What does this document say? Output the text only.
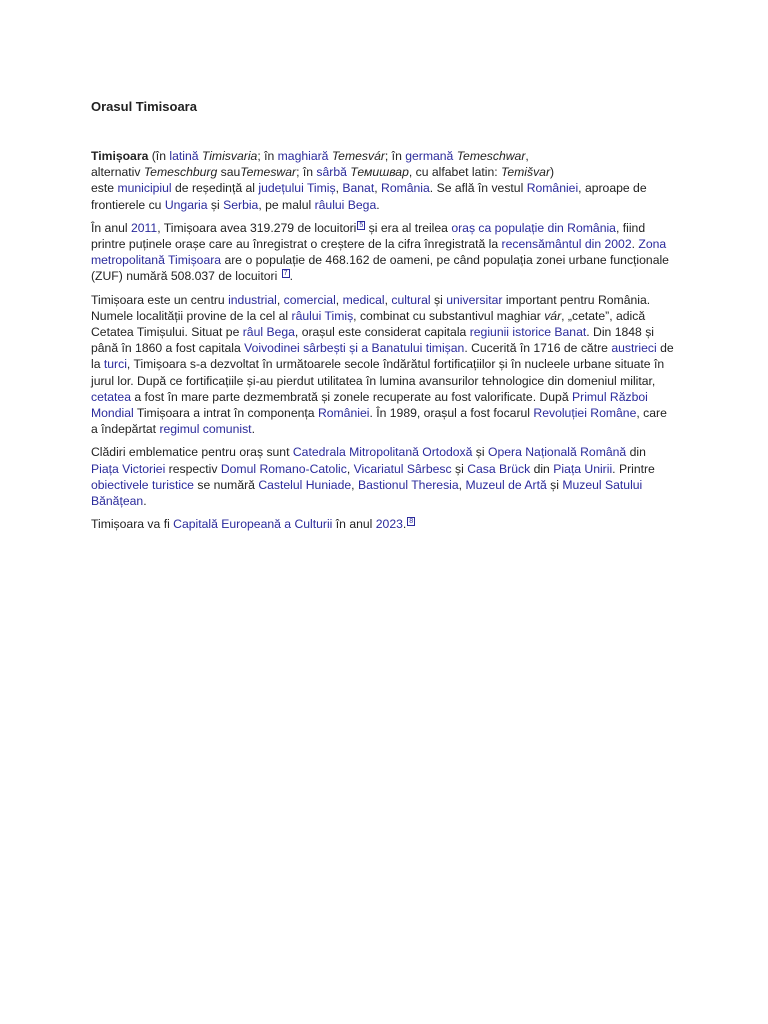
Orasul Timisoara

Timișoara (în latină Timisvaria; în maghiară Temesvár; în germană Temeschwar,
alternativ Temeschburg sauTemeswar; în sârbă Темишвар, cu alfabet latin: Temišvar)
este municipiul de reședință al județului Timiș, Banat, România. Se află în vestul României, aproape de frontierele cu Ungaria și Serbia, pe malul râului Bega.

În anul 2011, Timișoara avea 319.279 de locuitori $^5$ și era al treilea oraș ca populație din România, fiind printre puținele orașe care au înregistrat o creștere de la cifra înregistrată la recensământul din 2002. Zona metropolitană Timișoara are o populație de 468.162 de oameni, pe când populația zonei urbane funcționale (ZUF) numără 508.037 de locuitori $^7$ .

Timișoara este un centru industrial, comercial, medical, cultural și universitar important pentru România. Numele localității provine de la cel al râului Timiș, combinat cu substantivul maghiar vár, „cetate”, adică Cetatea Timișului. Situat pe râul Bega, orașul este considerat capitala regiunii istorice Banat. Din 1848 și până în 1860 a fost capitala Voivodinei sârbești și a Banatului timișan. Cucerită în 1716 de către austrieci de la turci, Timișoara s-a dezvoltat în următoarele secole îndărătul fortificațiilor și în nucleele urbane situate în jurul lor. După ce fortificațiile și-au pierdut utilitatea în lumina avansurilor tehnologice din domeniul militar, cetatea a fost în mare parte dezmembrată și zonele recuperate au fost valorificate. După Primul Război Mondial Timișoara a intrat în componența României. În 1989, orașul a fost focarul Revoluției Române, care a îndepărtat regimul comunist.

Clădiri emblematice pentru oraș sunt Catedrala Mitropolitană Ortodoxă și Opera Națională Română din Piața Victoriei respectiv Domul Romano-Catolic, Vicariatul Sârbesc și Casa Brück din Piața Unirii. Printre obiectivele turistice se numără Castelul Huniade, Bastionul Theresia, Muzeul de Artă și Muzeul Satului Bănățean.

Timișoara va fi Capitală Europeană a Culturii în anul 2023. $^8$
